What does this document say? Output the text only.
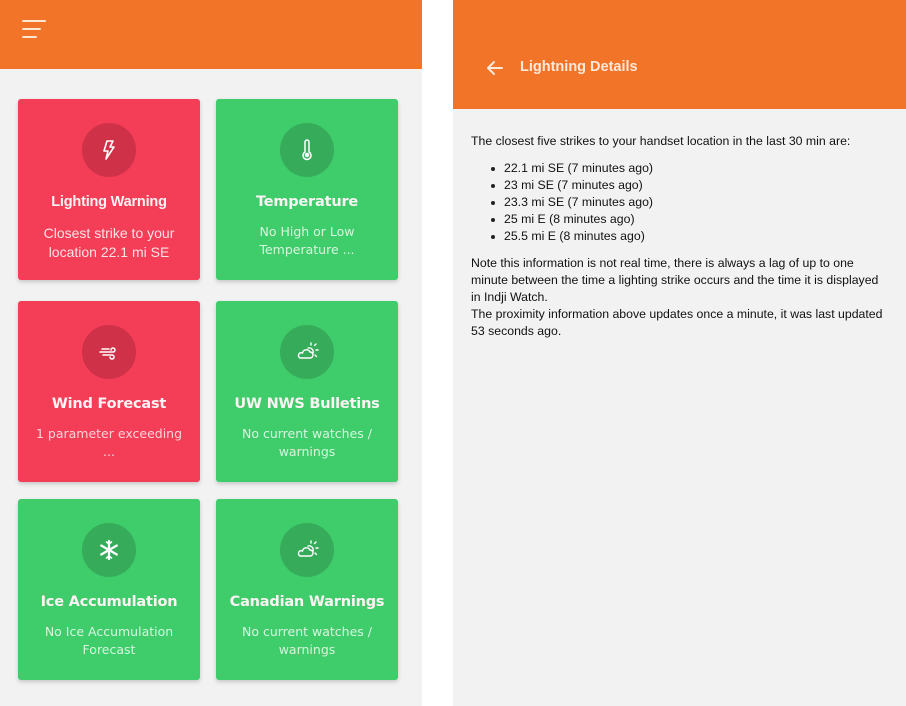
Lighting Warning
Closest strike to your location 22.1 mi SE
Temperature
No High or Low Temperature ...
Wind Forecast
1 parameter exceeding ...
UW NWS Bulletins
No current watches / warnings
Ice Accumulation
No Ice Accumulation Forecast
Canadian Warnings
No current watches / warnings
Lightning Details

The closest five strikes to your handset location in the last 30 min are:

22.1 mi SE (7 minutes ago)
23 mi SE (7 minutes ago)
23.3 mi SE (7 minutes ago)
25 mi E (8 minutes ago)
25.5 mi E (8 minutes ago)

Note this information is not real time, there is always a lag of up to one minute between the time a lighting strike occurs and the time it is displayed in Indji Watch.

The proximity information above updates once a minute, it was last updated 53 seconds ago.
